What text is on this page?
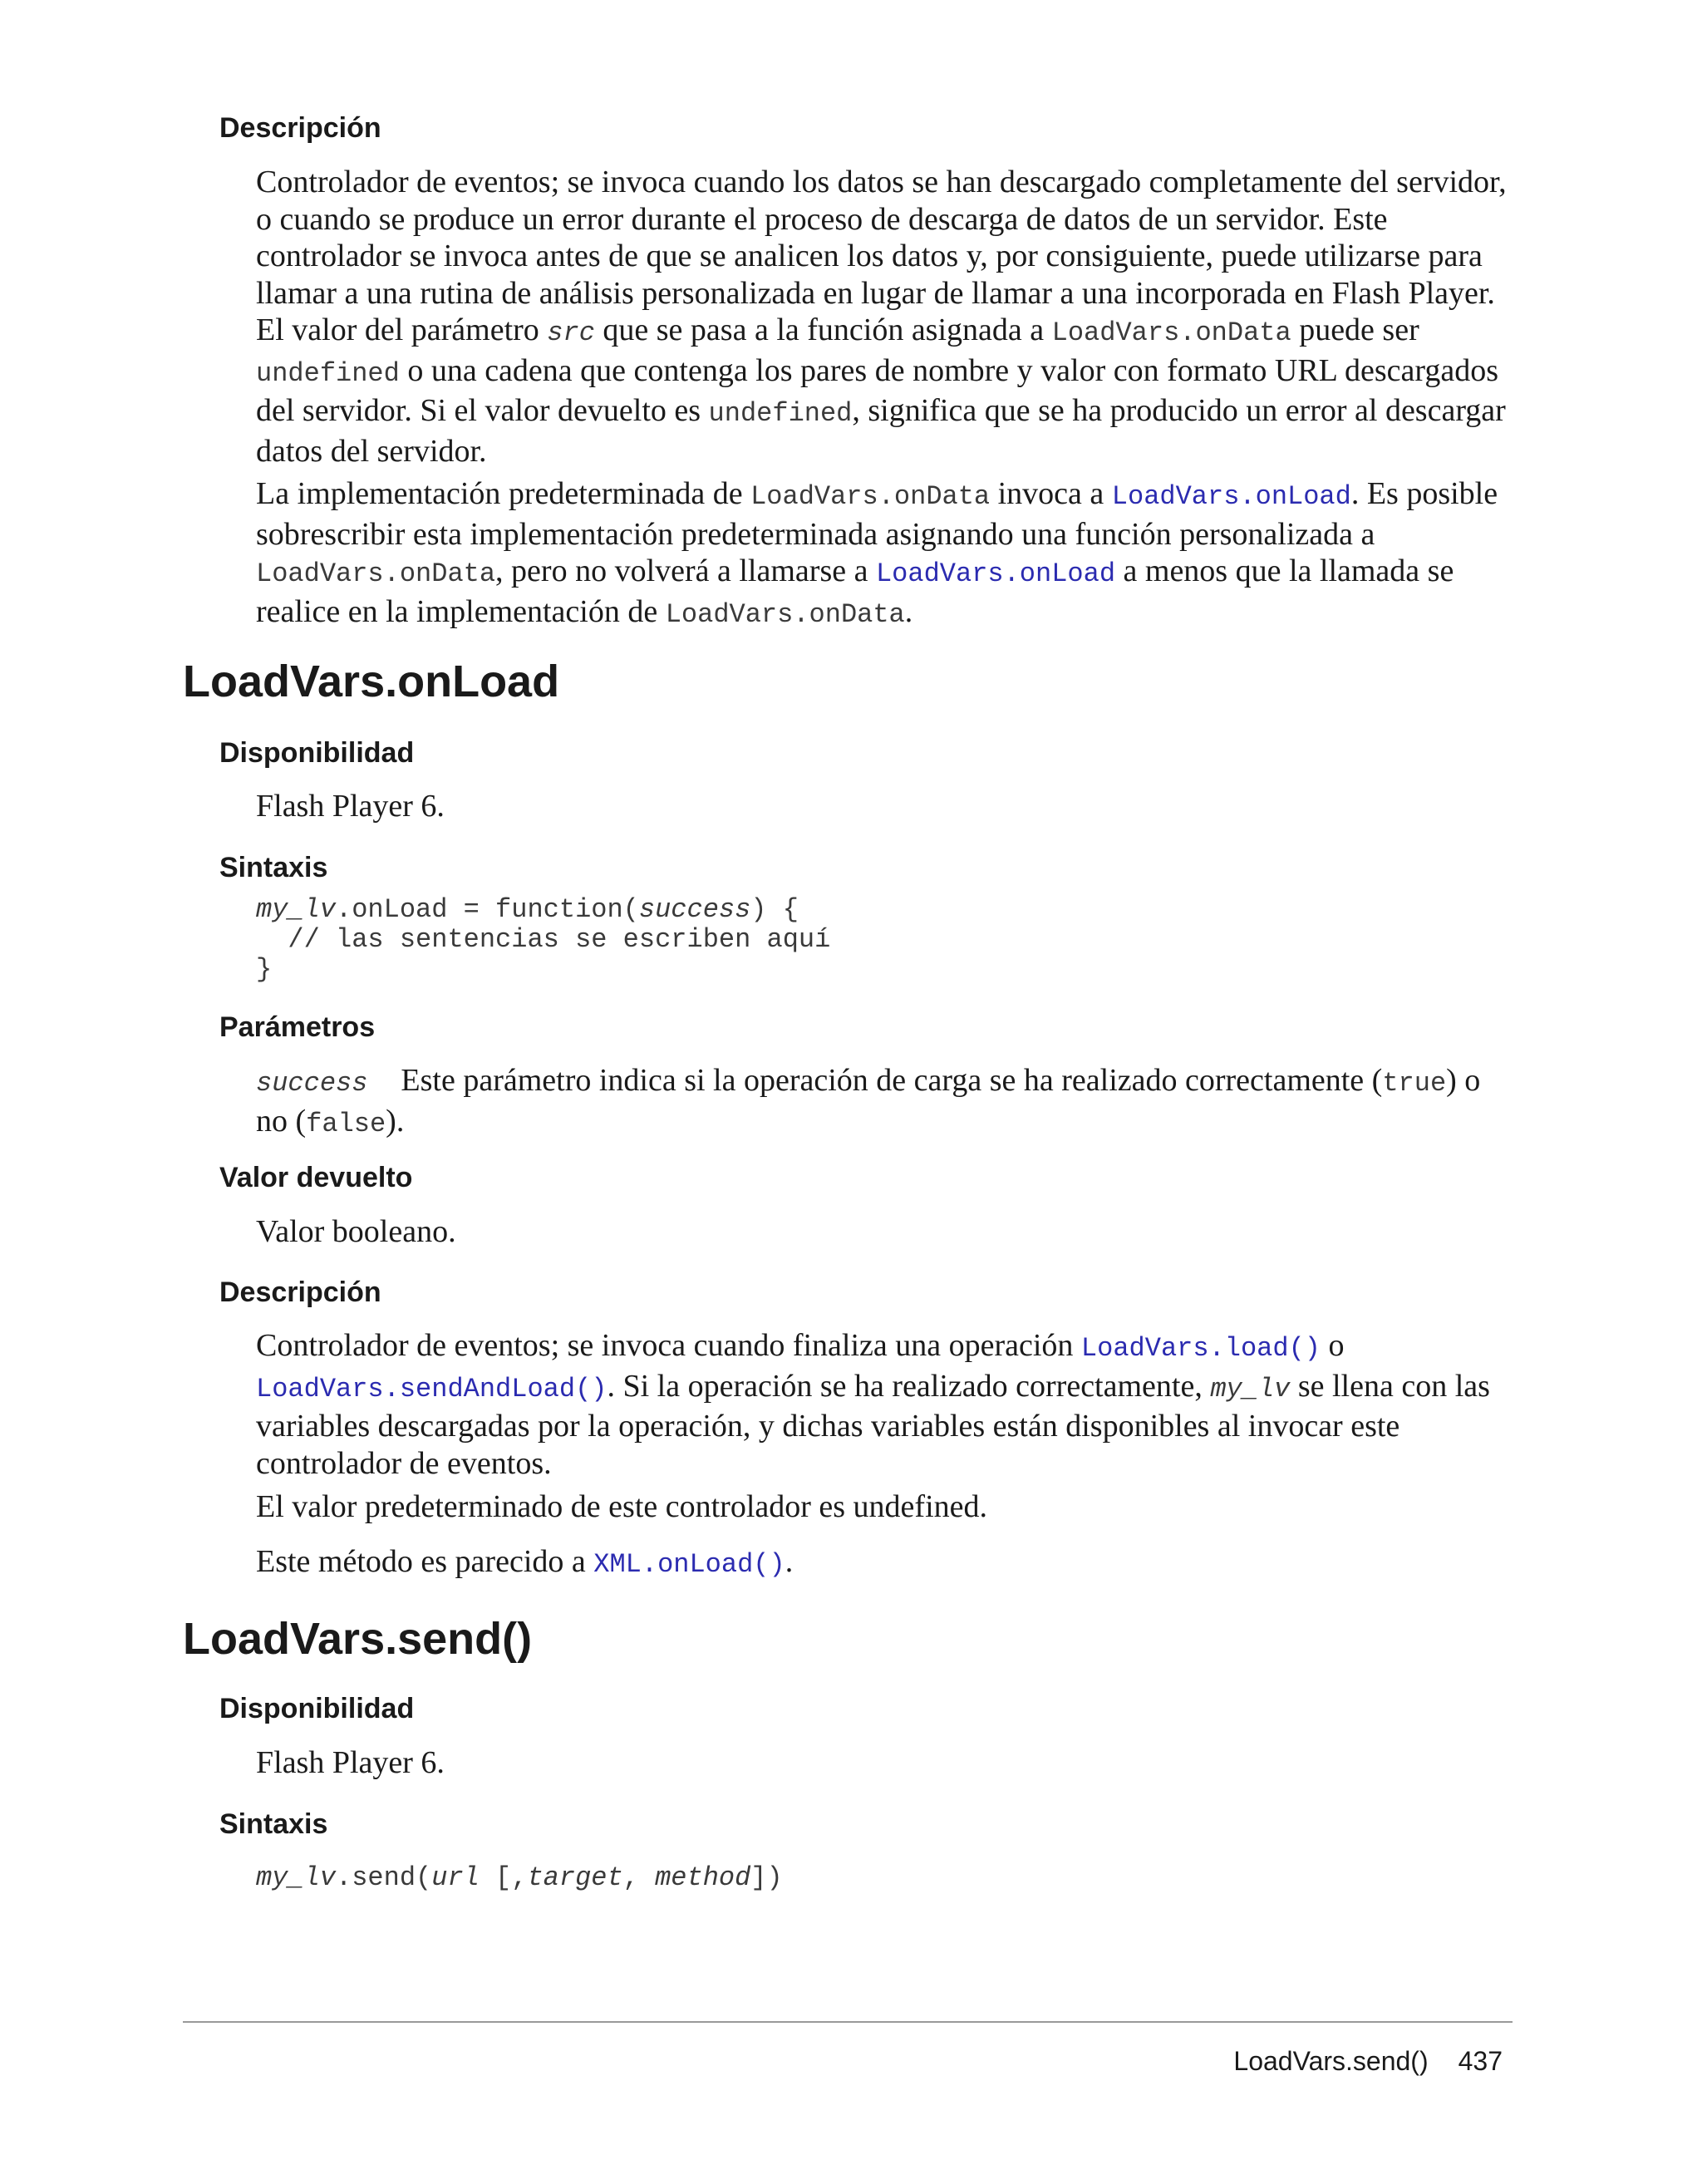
Descripción

Controlador de eventos; se invoca cuando los datos se han descargado completamente del servidor, o cuando se produce un error durante el proceso de descarga de datos de un servidor. Este controlador se invoca antes de que se analicen los datos y, por consiguiente, puede utilizarse para llamar a una rutina de análisis personalizada en lugar de llamar a una incorporada en Flash Player. El valor del parámetro src que se pasa a la función asignada a LoadVars.onData puede ser undefined o una cadena que contenga los pares de nombre y valor con formato URL descargados del servidor. Si el valor devuelto es undefined, significa que se ha producido un error al descargar datos del servidor.

La implementación predeterminada de LoadVars.onData invoca a LoadVars.onLoad. Es posible sobrescribir esta implementación predeterminada asignando una función personalizada a LoadVars.onData, pero no volverá a llamarse a LoadVars.onLoad a menos que la llamada se realice en la implementación de LoadVars.onData.

LoadVars.onLoad
Disponibilidad

Flash Player 6.

Sintaxis
my_lv.onLoad = function(success) {
// las sentencias se escriben aquí
}
Parámetros

success Este parámetro indica si la operación de carga se ha realizado correctamente (true) o no (false).

Valor devuelto

Valor booleano.

Descripción

Controlador de eventos; se invoca cuando finaliza una operación LoadVars.load() o LoadVars.sendAndLoad(). Si la operación se ha realizado correctamente, my_lv se llena con las variables descargadas por la operación, y dichas variables están disponibles al invocar este controlador de eventos.

El valor predeterminado de este controlador es undefined.

Este método es parecido a XML.onLoad().

LoadVars.send()
Disponibilidad

Flash Player 6.

Sintaxis
my_lv.send(url [,target, method])
LoadVars.send() 437
